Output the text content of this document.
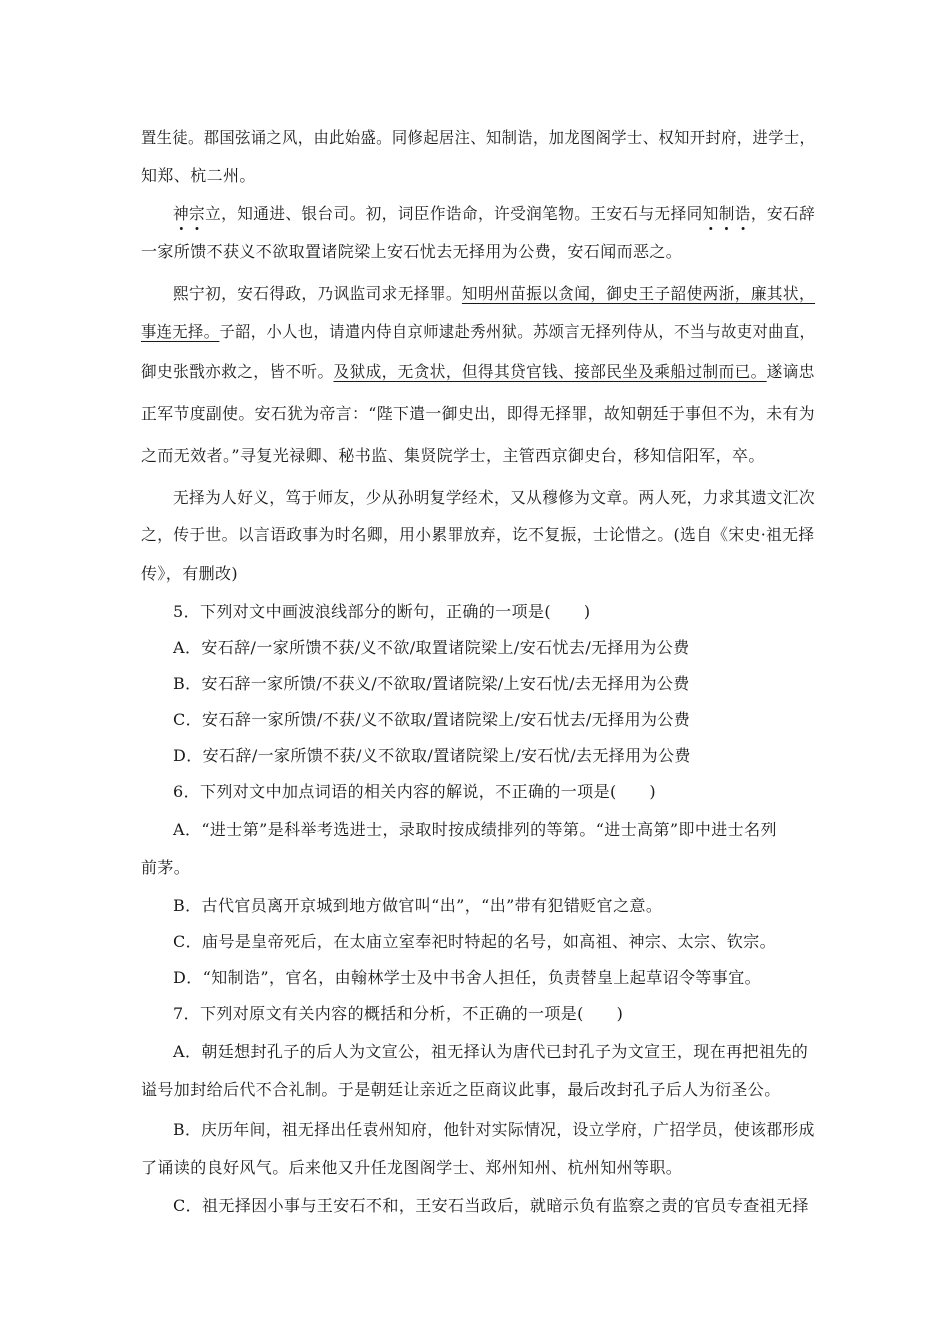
置生徒。郡国弦诵之风，由此始盛。同修起居注、知制诰，加龙图阁学士、权知开封府，进学士，
知郑、杭二州。
神宗立，知通进、银台司。初，词臣作诰命，许受润笔物。王安石与无择同知制诰，安石辞
一家所馈不获义不欲取置诸院梁上安石忧去无择用为公费，安石闻而恶之。
熙宁初，安石得政，乃讽监司求无择罪。知明州苗振以贪闻，御史王子韶使两浙，廉其状，
事连无择。子韶，小人也，请遣内侍自京师逮赴秀州狱。苏颂言无择列侍从，不当与故吏对曲直，
御史张戬亦救之，皆不听。及狱成，无贪状，但得其贷官钱、接部民坐及乘船过制而已。遂谪忠
正军节度副使。安石犹为帝言：“陛下遣一御史出，即得无择罪，故知朝廷于事但不为，未有为
之而无效者。”寻复光禄卿、秘书监、集贤院学士，主管西京御史台，移知信阳军，卒。
无择为人好义，笃于师友，少从孙明复学经术，又从穆修为文章。两人死，力求其遗文汇次
之，传于世。以言语政事为时名卿，用小累罪放弃，讫不复振，士论惜之。(选自《宋史·祖无择
传》，有删改)
5．下列对文中画波浪线部分的断句，正确的一项是(　　)
A．安石辞/一家所馈不获/义不欲/取置诸院梁上/安石忧去/无择用为公费
B．安石辞一家所馈/不获义/不欲取/置诸院梁/上安石忧/去无择用为公费
C．安石辞一家所馈/不获/义不欲取/置诸院梁上/安石忧去/无择用为公费
D．安石辞/一家所馈不获/义不欲取/置诸院梁上/安石忧/去无择用为公费
6．下列对文中加点词语的相关内容的解说，不正确的一项是(　　)
A．“进士第”是科举考选进士，录取时按成绩排列的等第。“进士高第”即中进士名列
前茅。
B．古代官员离开京城到地方做官叫“出”，“出”带有犯错贬官之意。
C．庙号是皇帝死后，在太庙立室奉祀时特起的名号，如高祖、神宗、太宗、钦宗。
D．“知制诰”，官名，由翰林学士及中书舍人担任，负责替皇上起草诏令等事宜。
7．下列对原文有关内容的概括和分析，不正确的一项是(　　)
A．朝廷想封孔子的后人为文宣公，祖无择认为唐代已封孔子为文宣王，现在再把祖先的
谥号加封给后代不合礼制。于是朝廷让亲近之臣商议此事，最后改封孔子后人为衍圣公。
B．庆历年间，祖无择出任袁州知府，他针对实际情况，设立学府，广招学员，使该郡形成
了诵读的良好风气。后来他又升任龙图阁学士、郑州知州、杭州知州等职。
C．祖无择因小事与王安石不和，王安石当政后，就暗示负有监察之责的官员专查祖无择
